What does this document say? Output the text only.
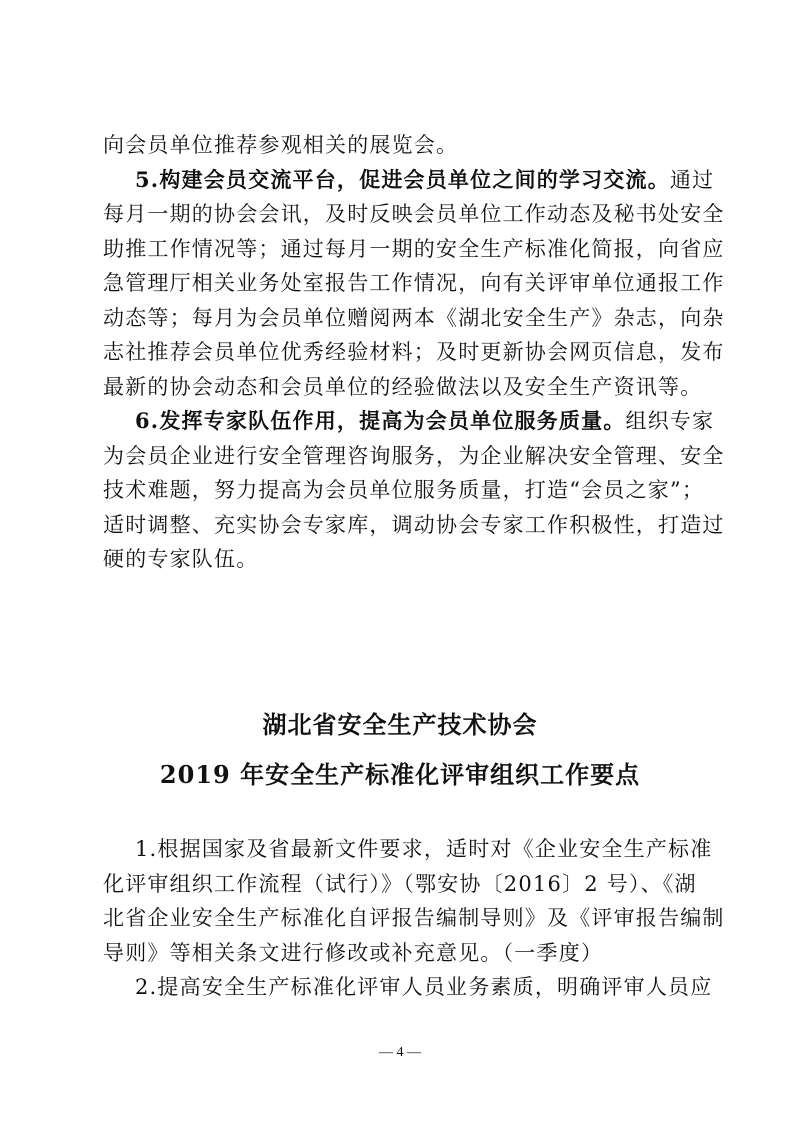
向会员单位推荐参观相关的展览会。

5.构建会员交流平台，促进会员单位之间的学习交流。通过
每月一期的协会会讯，及时反映会员单位工作动态及秘书处安全
助推工作情况等；通过每月一期的安全生产标准化简报，向省应
急管理厅相关业务处室报告工作情况，向有关评审单位通报工作
动态等；每月为会员单位赠阅两本《湖北安全生产》杂志，向杂
志社推荐会员单位优秀经验材料；及时更新协会网页信息，发布
最新的协会动态和会员单位的经验做法以及安全生产资讯等。

6.发挥专家队伍作用，提高为会员单位服务质量。组织专家
为会员企业进行安全管理咨询服务，为企业解决安全管理、安全
技术难题，努力提高为会员单位服务质量，打造“会员之家”；
适时调整、充实协会专家库，调动协会专家工作积极性，打造过
硬的专家队伍。

湖北省安全生产技术协会
2019 年安全生产标准化评审组织工作要点

1.根据国家及省最新文件要求，适时对《企业安全生产标准
化评审组织工作流程（试行）》（鄂安协〔2016〕2 号）、《湖
北省企业安全生产标准化自评报告编制导则》及《评审报告编制
导则》等相关条文进行修改或补充意见。（一季度）

2.提高安全生产标准化评审人员业务素质，明确评审人员应

— 4 —
